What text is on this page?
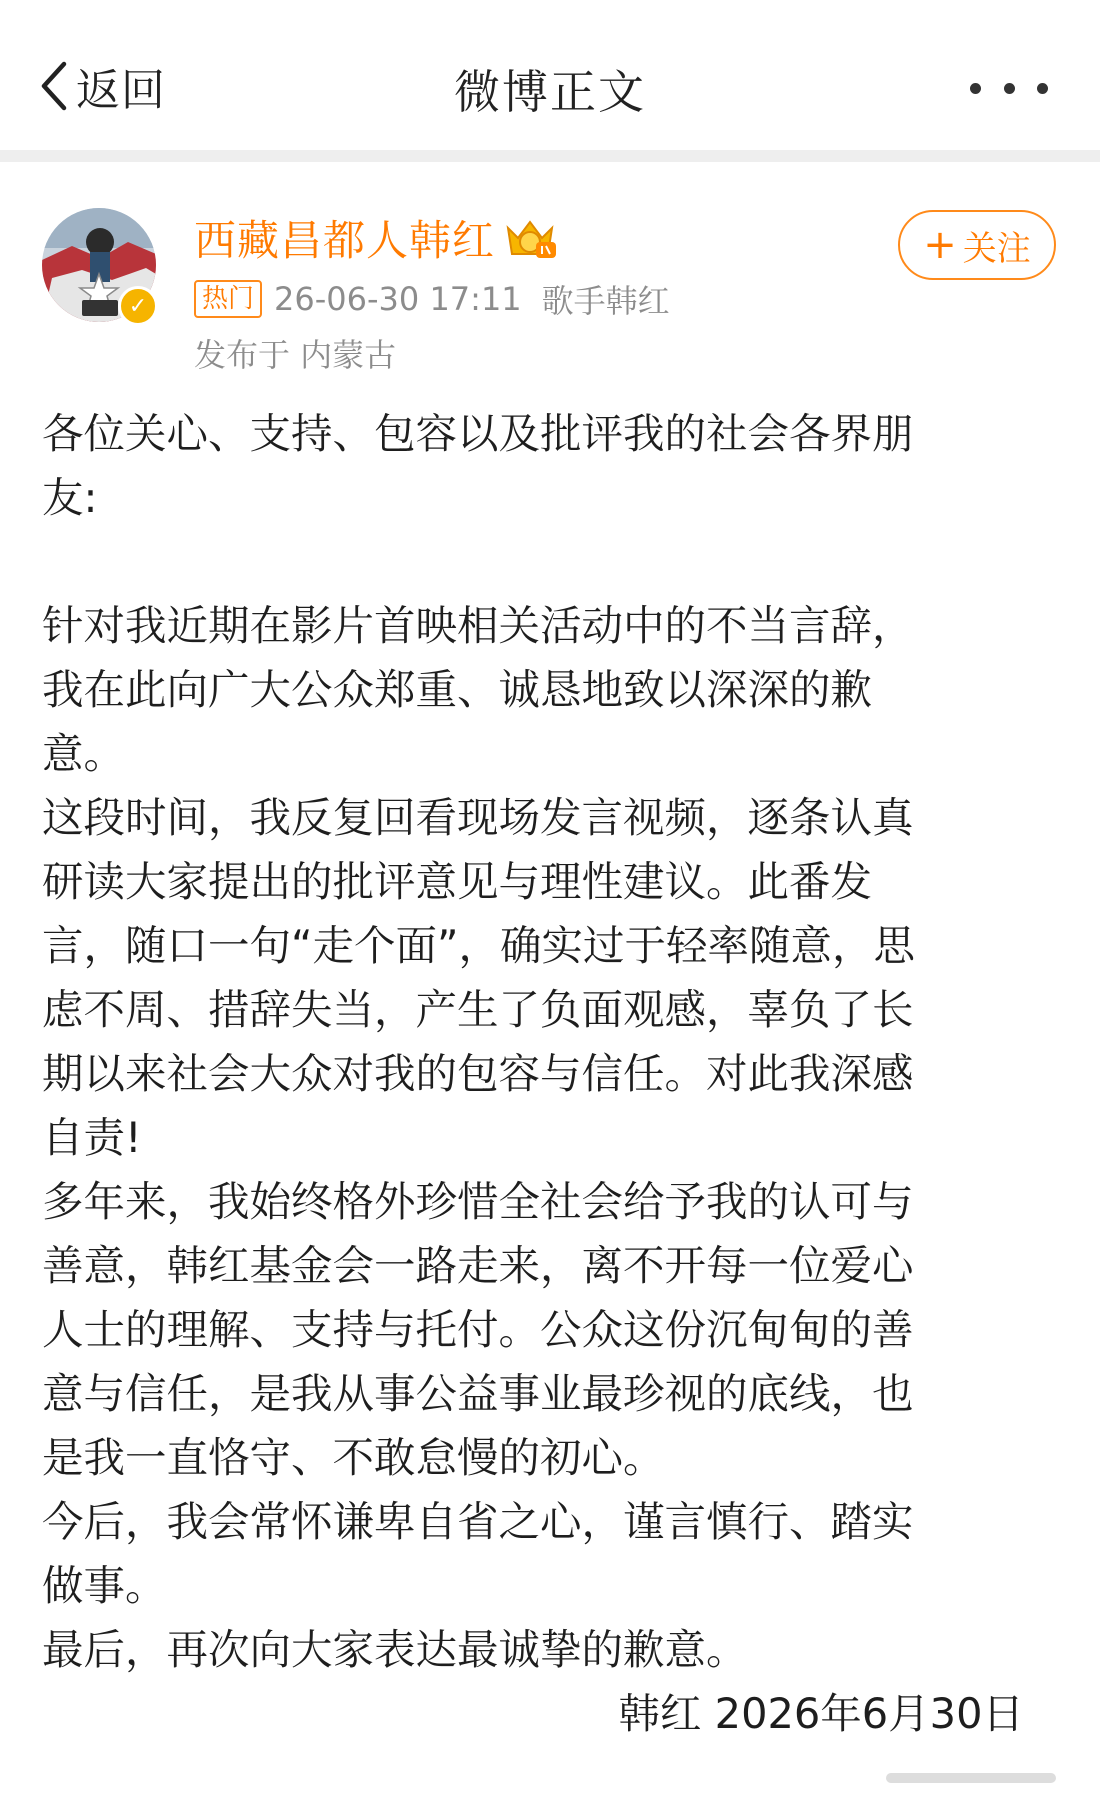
返回	微博正文
✓
西藏昌都人韩红	+ 关注
热门 26-06-30 17:11 歌手韩红
发布于 内蒙古

各位关心、支持、包容以及批评我的社会各界朋

友:

针对我近期在影片首映相关活动中的不当言辞，

我在此向广大公众郑重、诚恳地致以深深的歉

意。

这段时间，我反复回看现场发言视频，逐条认真

研读大家提出的批评意见与理性建议。此番发

言，随口一句“走个面”，确实过于轻率随意，思

虑不周、措辞失当，产生了负面观感，辜负了长

期以来社会大众对我的包容与信任。对此我深感

自责!

多年来，我始终格外珍惜全社会给予我的认可与

善意，韩红基金会一路走来，离不开每一位爱心

人士的理解、支持与托付。公众这份沉甸甸的善

意与信任，是我从事公益事业最珍视的底线，也

是我一直恪守、不敢怠慢的初心。

今后，我会常怀谦卑自省之心，谨言慎行、踏实

做事。

最后，再次向大家表达最诚挚的歉意。

韩红 2026年6月30日
